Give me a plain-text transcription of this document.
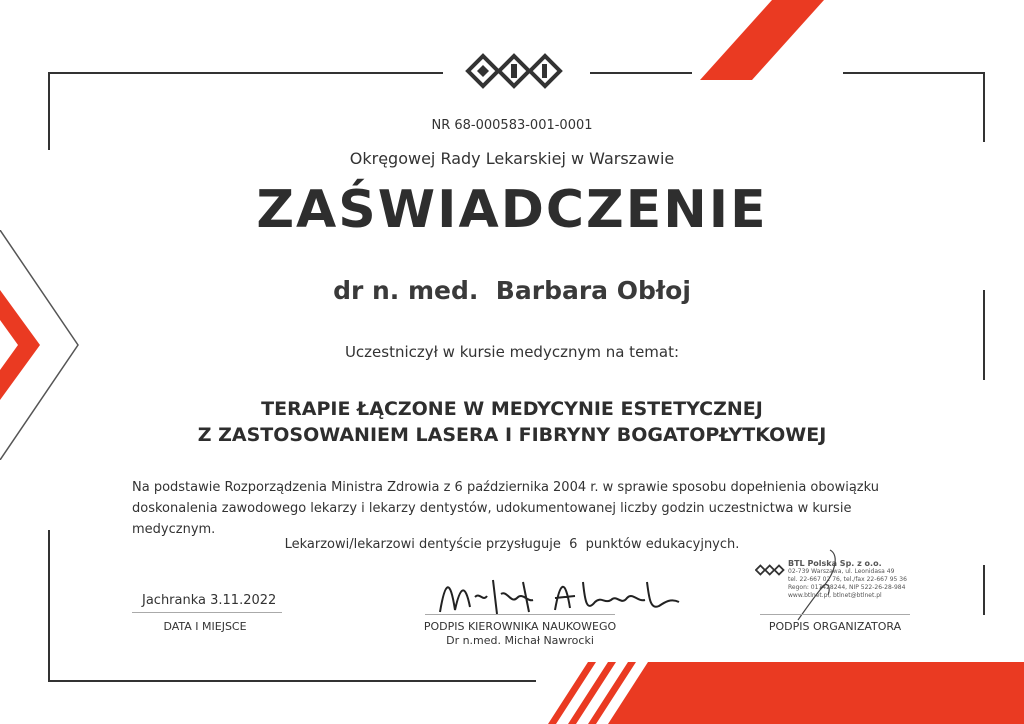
NR 68-000583-001-0001
Okręgowej Rady Lekarskiej w Warszawie
ZAŚWIADCZENIE
dr n. med.  Barbara Obłoj
Uczestniczył w kursie medycznym na temat:
TERAPIE ŁĄCZONE W MEDYCYNIE ESTETYCZNEJ
Z ZASTOSOWANIEM LASERA I FIBRYNY BOGATOPŁYTKOWEJ
Na podstawie Rozporządzenia Ministra Zdrowia z 6 października 2004 r. w sprawie sposobu dopełnienia obowiązku doskonalenia zawodowego lekarzy i lekarzy dentystów, udokumentowanej liczby godzin uczestnictwa w kursie medycznym.
Lekarzowi/lekarzowi dentyście przysługuje  6  punktów edukacyjnych.
Jachranka 3.11.2022
DATA I MIEJSCE	PODPIS KIEROWNIKA NAUKOWEGO
Dr n.med. Michał Nawrocki
BTL Polska Sp. z o.o.
02-739 Warszawa, ul. Leonidasa 49
tel. 22-667 02 76, tel./fax 22-667 95 36
Regon: 017428244, NIP 522-26-28-984
www.btlnet.pl, btlnet@btlnet.pl
PODPIS ORGANIZATORA
